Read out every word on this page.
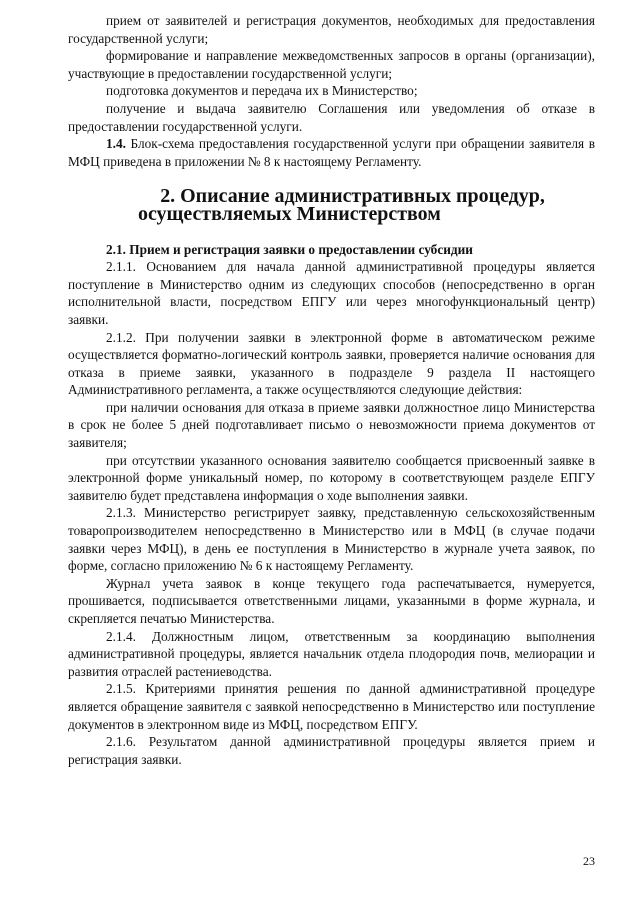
прием от заявителей и регистрация документов, необходимых для предоставления государственной услуги;

формирование и направление межведомственных запросов в органы (организации), участвующие в предоставлении государственной услуги;

подготовка документов и передача их в Министерство;

получение и выдача заявителю Соглашения или уведомления об отказе в предоставлении государственной услуги.

1.4. Блок-схема предоставления государственной услуги при обращении заявителя в МФЦ приведена в приложении № 8 к настоящему Регламенту.

2. Описание административных процедур, осуществляемых Министерством

2.1. Прием и регистрация заявки о предоставлении субсидии

2.1.1. Основанием для начала данной административной процедуры является поступление в Министерство одним из следующих способов (непосредственно в орган исполнительной власти, посредством ЕПГУ или через многофункциональный центр) заявки.

2.1.2. При получении заявки в электронной форме в автоматическом режиме осуществляется форматно-логический контроль заявки, проверяется наличие основания для отказа в приеме заявки, указанного в подразделе 9 раздела II настоящего Административного регламента, а также осуществляются следующие действия:

при наличии основания для отказа в приеме заявки должностное лицо Министерства в срок не более 5 дней подготавливает письмо о невозможности приема документов от заявителя;

при отсутствии указанного основания заявителю сообщается присвоенный заявке в электронной форме уникальный номер, по которому в соответствующем разделе ЕПГУ заявителю будет представлена информация о ходе выполнения заявки.

2.1.3. Министерство регистрирует заявку, представленную сельскохозяйственным товаропроизводителем непосредственно в Министерство или в МФЦ (в случае подачи заявки через МФЦ), в день ее поступления в Министерство в журнале учета заявок, по форме, согласно приложению № 6 к настоящему Регламенту.

Журнал учета заявок в конце текущего года распечатывается, нумеруется, прошивается, подписывается ответственными лицами, указанными в форме журнала, и скрепляется печатью Министерства.

2.1.4. Должностным лицом, ответственным за координацию выполнения административной процедуры, является начальник отдела плодородия почв, мелиорации и развития отраслей растениеводства.

2.1.5. Критериями принятия решения по данной административной процедуре является обращение заявителя с заявкой непосредственно в Министерство или поступление документов в электронном виде из МФЦ, посредством ЕПГУ.

2.1.6. Результатом данной административной процедуры является прием и регистрация заявки.

23
